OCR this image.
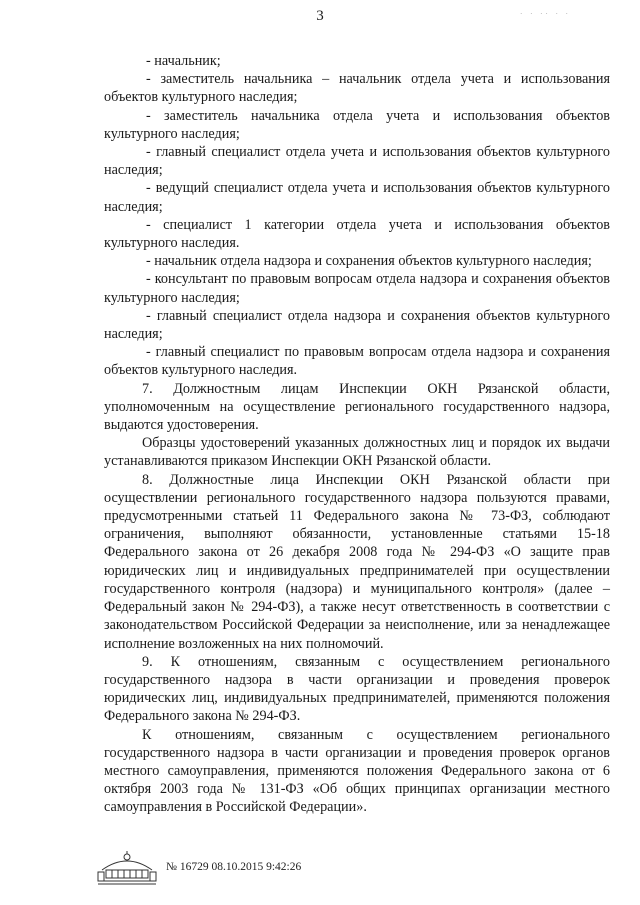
3	· · ·· · ·

- начальник;

- заместитель начальника – начальник отдела учета и использования объектов культурного наследия;

- заместитель начальника отдела учета и использования объектов культурного наследия;

- главный специалист отдела учета и использования объектов культурного наследия;

- ведущий специалист отдела учета и использования объектов культурного наследия;

- специалист 1 категории отдела учета и использования объектов культурного наследия.

- начальник отдела надзора и сохранения объектов культурного наследия;

- консультант по правовым вопросам отдела надзора и сохранения объектов культурного наследия;

- главный специалист отдела надзора и сохранения объектов культурного наследия;

- главный специалист по правовым вопросам отдела надзора и сохранения объектов культурного наследия.

7. Должностным лицам Инспекции ОКН Рязанской области, уполномоченным на осуществление регионального государственного надзора, выдаются удостоверения.

Образцы удостоверений указанных должностных лиц и порядок их выдачи устанавливаются приказом Инспекции ОКН Рязанской области.

8. Должностные лица Инспекции ОКН Рязанской области при осуществлении регионального государственного надзора пользуются правами, предусмотренными статьей 11 Федерального закона № 73-ФЗ, соблюдают ограничения, выполняют обязанности, установленные статьями 15-18 Федерального закона от 26 декабря 2008 года № 294-ФЗ «О защите прав юридических лиц и индивидуальных предпринимателей при осуществлении государственного контроля (надзора) и муниципального контроля» (далее – Федеральный закон № 294-ФЗ), а также несут ответственность в соответствии с законодательством Российской Федерации за неисполнение, или за ненадлежащее исполнение возложенных на них полномочий.

9. К отношениям, связанным с осуществлением регионального государственного надзора в части организации и проведения проверок юридических лиц, индивидуальных предпринимателей, применяются положения Федерального закона № 294-ФЗ.

К отношениям, связанным с осуществлением регионального государственного надзора в части организации и проведения проверок органов местного самоуправления, применяются положения Федерального закона от 6 октября 2003 года № 131-ФЗ «Об общих принципах организации местного самоуправления в Российской Федерации».

№ 16729 08.10.2015 9:42:26
